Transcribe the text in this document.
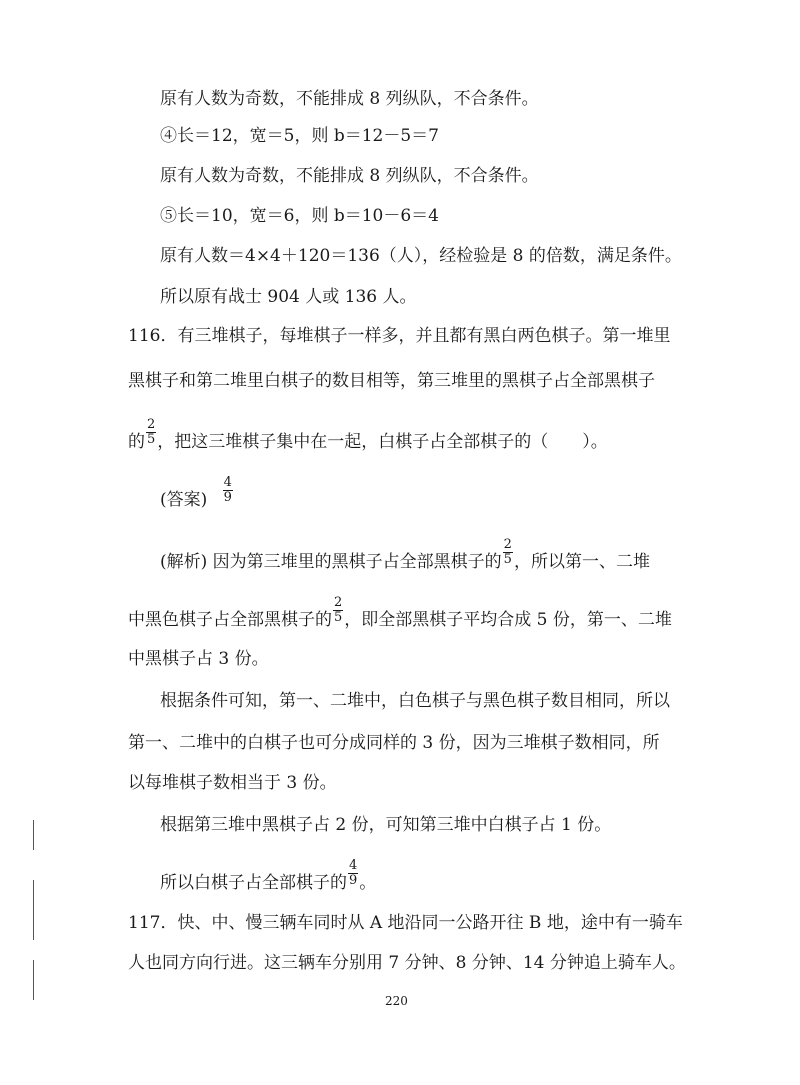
原有人数为奇数，不能排成 8 列纵队，不合条件。
④长＝12，宽＝5，则 b＝12－5＝7
原有人数为奇数，不能排成 8 列纵队，不合条件。
⑤长＝10，宽＝6，则 b＝10－6＝4
原有人数＝4×4＋120＝136（人），经检验是 8 的倍数，满足条件。
所以原有战士 904 人或 136 人。
116．有三堆棋子，每堆棋子一样多，并且都有黑白两色棋子。第一堆里
黑棋子和第二堆里白棋子的数目相等，第三堆里的黑棋子占全部黑棋子
的 $\frac{2}{5}$ ，把这三堆棋子集中在一起，白棋子占全部棋子的（　　）。
(答案) $\frac{4}{9}$
(解析) 因为第三堆里的黑棋子占全部黑棋子的 $\frac{2}{5}$ ，所以第一、二堆
中黑色棋子占全部黑棋子的 $\frac{2}{5}$ ，即全部黑棋子平均合成 5 份，第一、二堆
中黑棋子占 3 份。
根据条件可知，第一、二堆中，白色棋子与黑色棋子数目相同，所以
第一、二堆中的白棋子也可分成同样的 3 份，因为三堆棋子数相同，所
以每堆棋子数相当于 3 份。
根据第三堆中黑棋子占 2 份，可知第三堆中白棋子占 1 份。
所以白棋子占全部棋子的 $\frac{4}{9}$ 。
117．快、中、慢三辆车同时从 A 地沿同一公路开往 B 地，途中有一骑车
人也同方向行进。这三辆车分别用 7 分钟、8 分钟、14 分钟追上骑车人。
220
